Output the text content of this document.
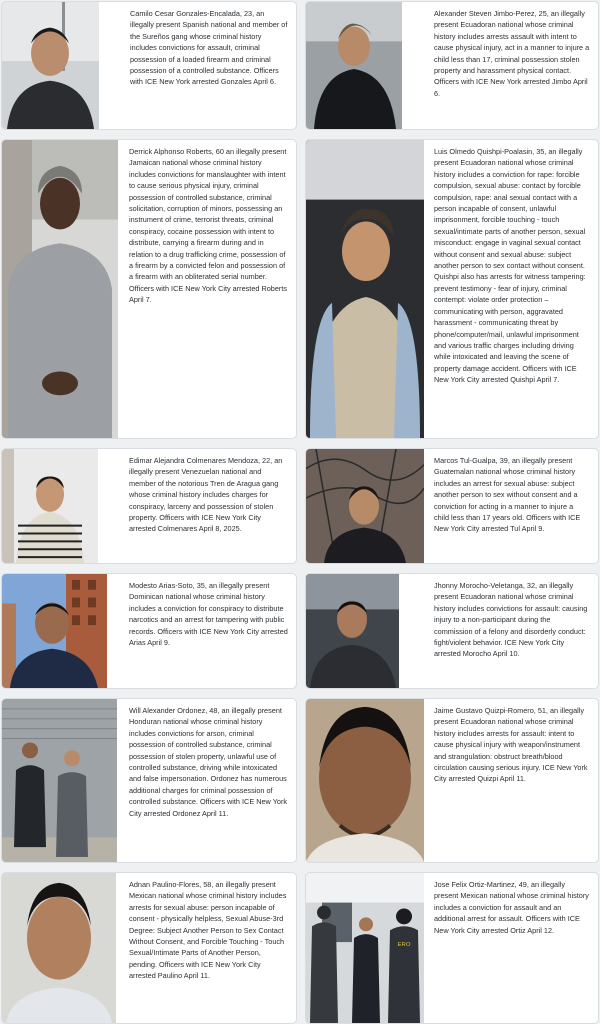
Camilo Cesar Gonzales-Encalada, 23, an illegally present Spanish national and member of the Sureños gang whose criminal history includes convictions for assault, criminal possession of a loaded firearm and criminal possession of a controlled substance. Officers with ICE New York arrested Gonzales April 6.
Alexander Steven Jimbo-Perez, 25, an illegally present Ecuadoran national whose criminal history includes arrests assault with intent to cause physical injury, act in a manner to injure a child less than 17, criminal possession stolen property and harassment physical contact. Officers with ICE New York arrested Jimbo April 6.
Derrick Alphonso Roberts, 60 an illegally present Jamaican national whose criminal history includes convictions for manslaughter with intent to cause serious physical injury, criminal possession of controlled substance, criminal solicitation, corruption of minors, possessing an instrument of crime, terrorist threats, criminal conspiracy, cocaine possession with intent to distribute, carrying a firearm during and in relation to a drug trafficking crime, possession of a firearm by a convicted felon and possession of a firearm with an obliterated serial number. Officers with ICE New York City arrested Roberts April 7.
Luis Olmedo Quishpi-Poalasin, 35, an illegally present Ecuadoran national whose criminal history includes a conviction for rape: forcible compulsion, sexual abuse: contact by forcible compulsion, rape: anal sexual contact with a person incapable of consent, unlawful imprisonment, forcible touching - touch sexual/intimate parts of another person, sexual misconduct: engage in vaginal sexual contact without consent and sexual abuse: subject another person to sex contact without consent. Quishpi also has arrests for witness tampering: prevent testimony - fear of injury, criminal contempt: violate order protection – communicating with person, aggravated harassment - communicating threat by phone/computer/mail, unlawful imprisonment and various traffic charges including driving while intoxicated and leaving the scene of property damage accident. Officers with ICE New York City arrested Quishpi April 7.
Edimar Alejandra Colmenares Mendoza, 22, an illegally present Venezuelan national and member of the notorious Tren de Aragua gang whose criminal history includes charges for conspiracy, larceny and possession of stolen property. Officers with ICE New York City arrested Colmenares April 8, 2025.
Marcos Tul-Gualpa, 39, an illegally present Guatemalan national whose criminal history includes an arrest for sexual abuse: subject another person to sex without consent and a conviction for acting in a manner to injure a child less than 17 years old. Officers with ICE New York City arrested Tul April 9.
Modesto Arias-Soto, 35, an illegally present Dominican national whose criminal history includes a conviction for conspiracy to distribute narcotics and an arrest for tampering with public records. Officers with ICE New York City arrested Arias April 9.
Jhonny Morocho-Veletanga, 32, an illegally present Ecuadoran national whose criminal history includes convictions for assault: causing injury to a non-participant during the commission of a felony and disorderly conduct: fight/violent behavior. ICE New York City arrested Morocho April 10.
Will Alexander Ordonez, 48, an illegally present Honduran national whose criminal history includes convictions for arson, criminal possession of controlled substance, criminal possession of stolen property, unlawful use of controlled substance, driving while intoxicated and false impersonation. Ordonez has numerous additional charges for criminal possession of controlled substance. Officers with ICE New York City arrested Ordonez April 11.
Jaime Gustavo Quizpi-Romero, 51, an illegally present Ecuadoran national whose criminal history includes arrests for assault: intent to cause physical injury with weapon/instrument and strangulation: obstruct breath/blood circulation causing serious injury. ICE New York City arrested Quizpi April 11.
Adnan Paulino-Flores, 58, an illegally present Mexican national whose criminal history includes arrests for sexual abuse: person incapable of consent - physically helpless, Sexual Abuse-3rd Degree: Subject Another Person to Sex Contact Without Consent, and Forcible Touching - Touch Sexual/Intimate Parts of Another Person, pending. Officers with ICE New York City arrested Paulino April 11.
ERO
Jose Felix Ortiz-Martinez, 49, an illegally present Mexican national whose criminal history includes a conviction for assault and an additional arrest for assault. Officers with ICE New York City arrested Ortiz April 12.
